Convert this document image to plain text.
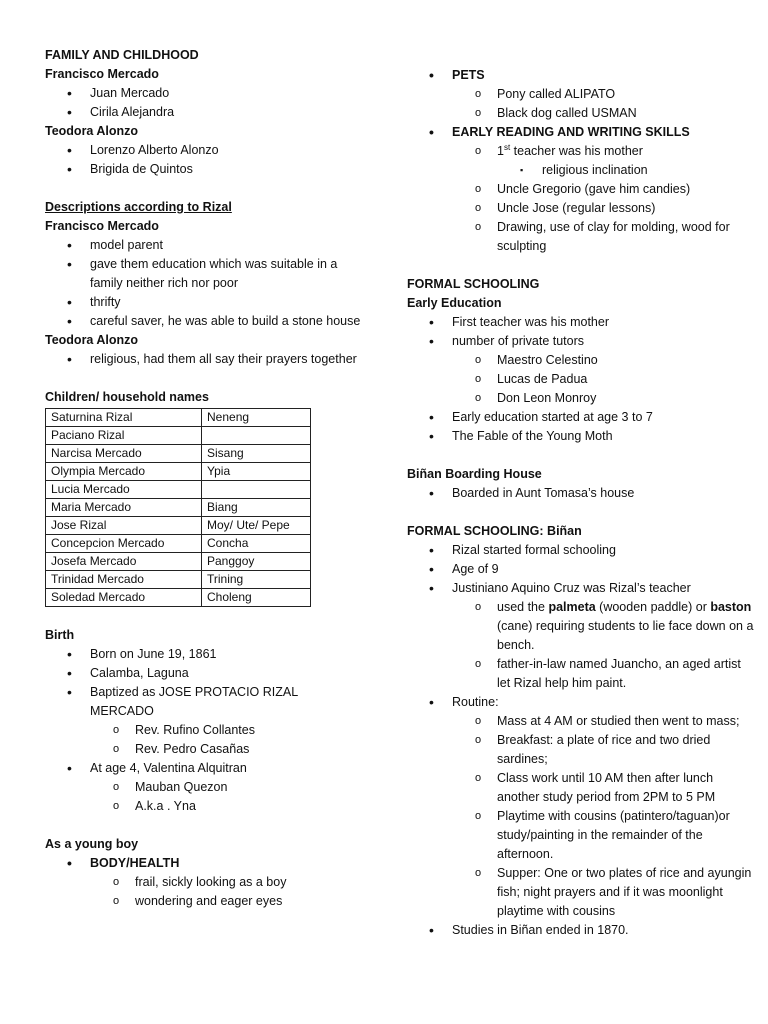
FAMILY AND CHILDHOOD
Francisco Mercado
• Juan Mercado
• Cirila Alejandra
Teodora Alonzo
• Lorenzo Alberto Alonzo
• Brigida de Quintos
Descriptions according to Rizal
Francisco Mercado
• model parent
• gave them education which was suitable in a family neither rich nor poor
• thrifty
• careful saver, he was able to build a stone house
Teodora Alonzo
• religious, had them all say their prayers together
Children/ household names
Saturnina Rizal	Neneng
Paciano Rizal	
Narcisa Mercado	Sisang
Olympia Mercado	Ypia
Lucia Mercado	
Maria Mercado	Biang
Jose Rizal	Moy/ Ute/ Pepe
Concepcion Mercado	Concha
Josefa Mercado	Panggoy
Trinidad Mercado	Trining
Soledad Mercado	Choleng
Birth
• Born on June 19, 1861
• Calamba, Laguna
• Baptized as JOSE PROTACIO RIZAL MERCADO
o Rev. Rufino Collantes
o Rev. Pedro Casañas
• At age 4, Valentina Alquitran
o Mauban Quezon
o A.k.a . Yna
As a young boy
• BODY/HEALTH
o frail, sickly looking as a boy
o wondering and eager eyes
• PETS
o Pony called ALIPATO
o Black dog called USMAN
• EARLY READING AND WRITING SKILLS
o 1st teacher was his mother
▪ religious inclination
o Uncle Gregorio (gave him candies)
o Uncle Jose (regular lessons)
o Drawing, use of clay for molding, wood for sculpting
FORMAL SCHOOLING
Early Education
• First teacher was his mother
• number of private tutors
o Maestro Celestino
o Lucas de Padua
o Don Leon Monroy
• Early education started at age 3 to 7
• The Fable of the Young Moth
Biñan Boarding House
• Boarded in Aunt Tomasa’s house
FORMAL SCHOOLING: Biñan
• Rizal started formal schooling
• Age of 9
• Justiniano Aquino Cruz was Rizal’s teacher
o used the palmeta (wooden paddle) or baston (cane) requiring students to lie face down on a bench.
o father-in-law named Juancho, an aged artist let Rizal help him paint.
• Routine:
o Mass at 4 AM or studied then went to mass;
o Breakfast: a plate of rice and two dried sardines;
o Class work until 10 AM then after lunch another study period from 2PM to 5 PM
o Playtime with cousins (patintero/taguan)or study/painting in the remainder of the afternoon.
o Supper: One or two plates of rice and ayungin fish; night prayers and if it was moonlight playtime with cousins
• Studies in Biñan ended in 1870.
